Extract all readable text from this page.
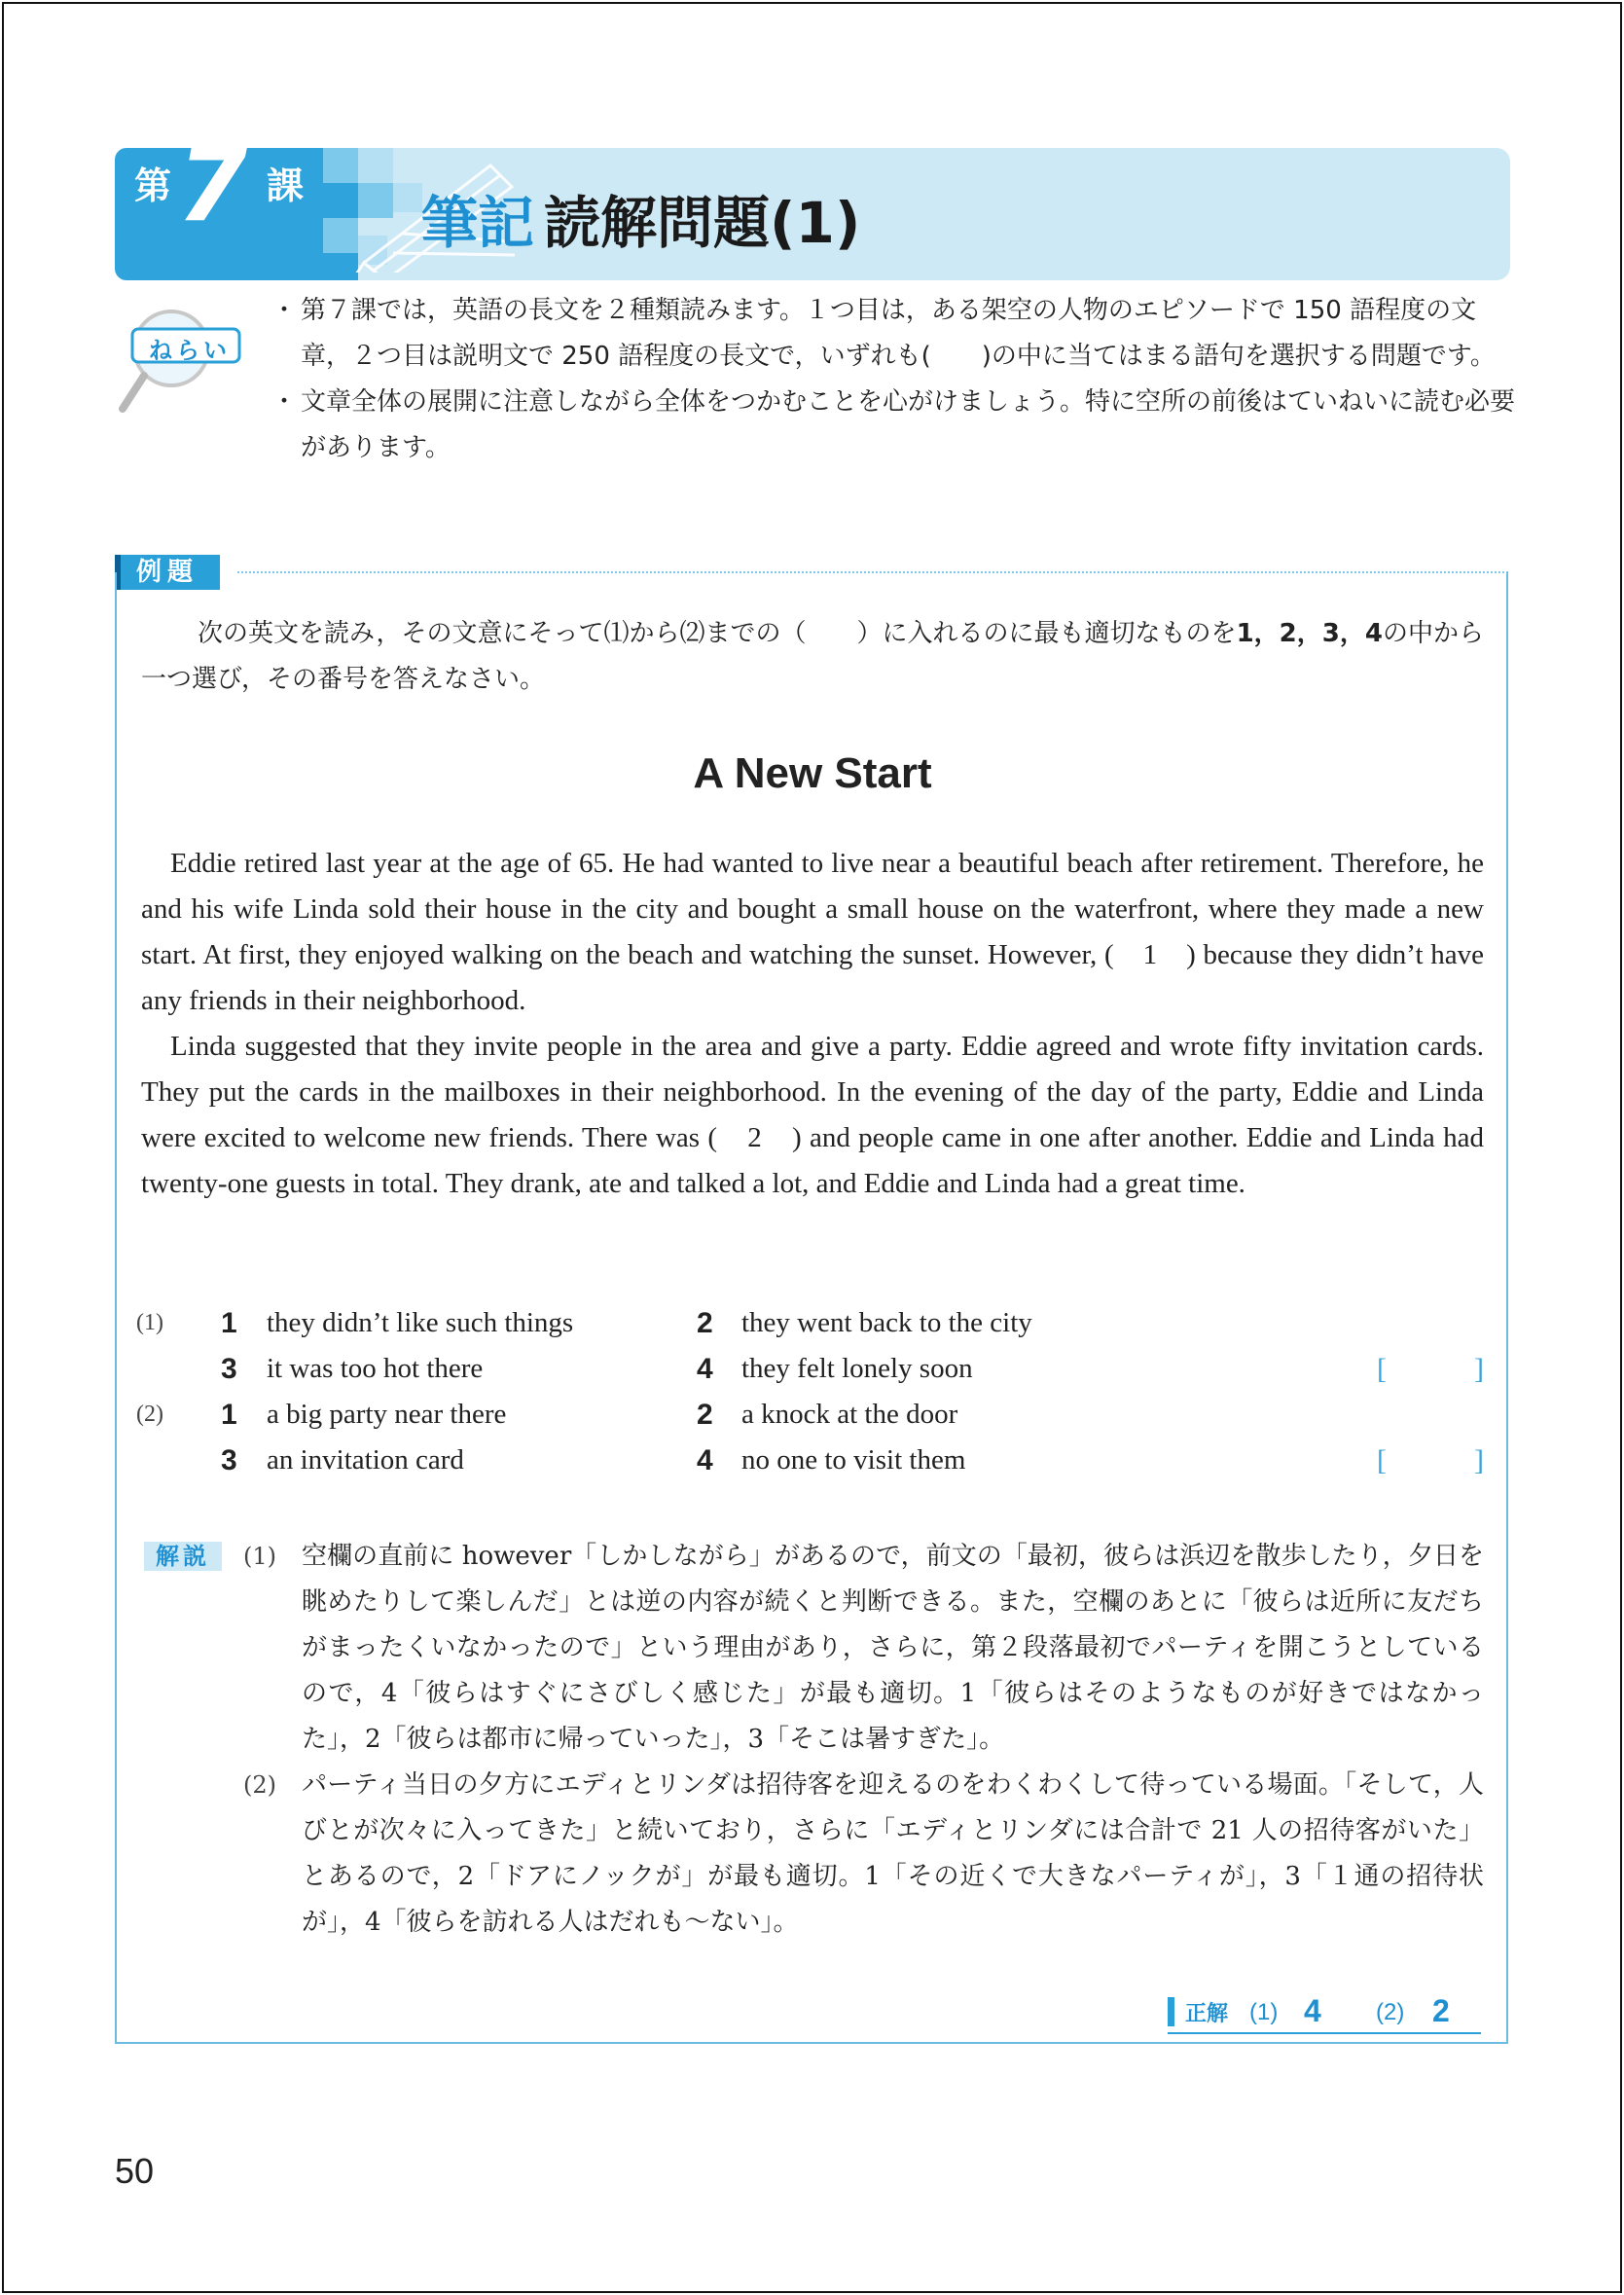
第 7 課
筆記 読解問題(1)
ねらい
・ 第７課では，英語の長文を２種類読みます。１つ目は，ある架空の人物のエピソードで 150 語程度の文章，２つ目は説明文で 250 語程度の長文で，いずれも(　　)の中に当てはまる語句を選択する問題です。
・ 文章全体の展開に注意しながら全体をつかむことを心がけましょう。特に空所の前後はていねいに読む必要があります。
例題
次の英文を読み，その文意にそって⑴から⑵までの（　　）に入れるのに最も適切なものを1，2，3，4の中から一つ選び，その番号を答えなさい。
A New Start

Eddie retired last year at the age of 65. He had wanted to live near a beautiful beach after retirement. Therefore, he and his wife Linda sold their house in the city and bought a small house on the waterfront, where they made a new start. At first, they enjoyed walking on the beach and watching the sunset. However, (　1　) because they didn’t have any friends in their neighborhood.

Linda suggested that they invite people in the area and give a party. Eddie agreed and wrote fifty invitation cards. They put the cards in the mailboxes in their neighborhood. In the evening of the day of the party, Eddie and Linda were excited to welcome new friends. There was (　2　) and people came in one after another. Eddie and Linda had twenty-one guests in total. They drank, ate and talked a lot, and Eddie and Linda had a great time.

(1) 1 they didn’t like such things	2 they went back to the city
3 it was too hot there	4 they felt lonely soon	[　　　]
(2) 1 a big party near there	2 a knock at the door
3 an invitation card	4 no one to visit them	[　　　]
解説	(1) 空欄の直前に however「しかしながら」があるので，前文の「最初，彼らは浜辺を散歩したり，夕日を眺めたりして楽しんだ」とは逆の内容が続くと判断できる。また，空欄のあとに「彼らは近所に友だちがまったくいなかったので」という理由があり，さらに，第２段落最初でパーティを開こうとしているので，4「彼らはすぐにさびしく感じた」が最も適切。1「彼らはそのようなものが好きではなかった」，2「彼らは都市に帰っていった」，3「そこは暑すぎた」。
(2) パーティ当日の夕方にエディとリンダは招待客を迎えるのをわくわくして待っている場面。「そして，人びとが次々に入ってきた」と続いており，さらに「エディとリンダには合計で 21 人の招待客がいた」とあるので，2「ドアにノックが」が最も適切。1「その近くで大きなパーティが」，3「１通の招待状が」，4「彼らを訪れる人はだれも～ない」。
正解 (1) 4 (2) 2
50
